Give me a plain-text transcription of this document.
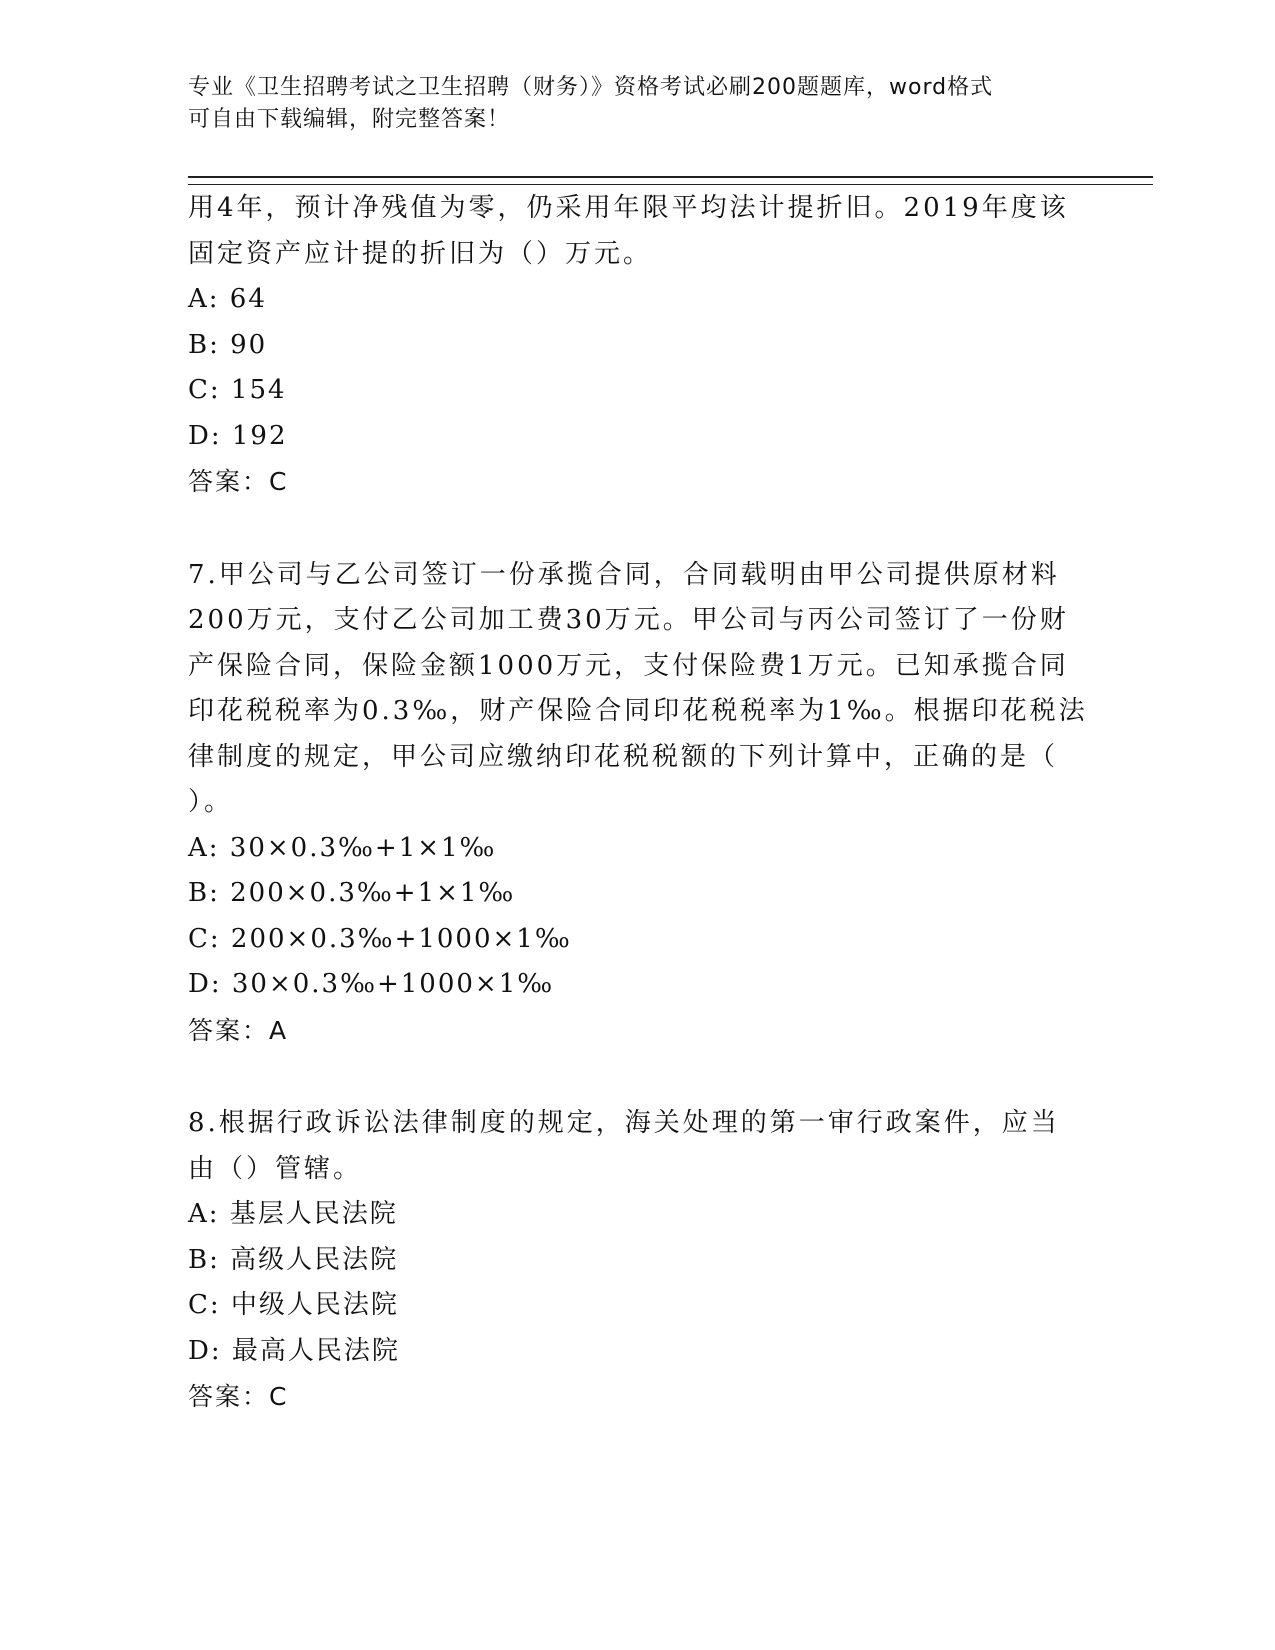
专业《卫生招聘考试之卫生招聘（财务）》资格考试必刷200题题库，word格式
可自由下载编辑，附完整答案！

用4年，预计净残值为零，仍采用年限平均法计提折旧。2019年度该

固定资产应计提的折旧为（）万元。

A: 64

B: 90

C: 154

D: 192

答案：C

7.甲公司与乙公司签订一份承揽合同，合同载明由甲公司提供原材料

200万元，支付乙公司加工费30万元。甲公司与丙公司签订了一份财

产保险合同，保险金额1000万元，支付保险费1万元。已知承揽合同

印花税税率为0.3‰，财产保险合同印花税税率为1‰。根据印花税法

律制度的规定，甲公司应缴纳印花税税额的下列计算中，正确的是（

）。

A: 30×0.3‰+1×1‰

B: 200×0.3‰+1×1‰

C: 200×0.3‰+1000×1‰

D: 30×0.3‰+1000×1‰

答案：A

8.根据行政诉讼法律制度的规定，海关处理的第一审行政案件，应当

由（）管辖。

A: 基层人民法院

B: 高级人民法院

C: 中级人民法院

D: 最高人民法院

答案：C
